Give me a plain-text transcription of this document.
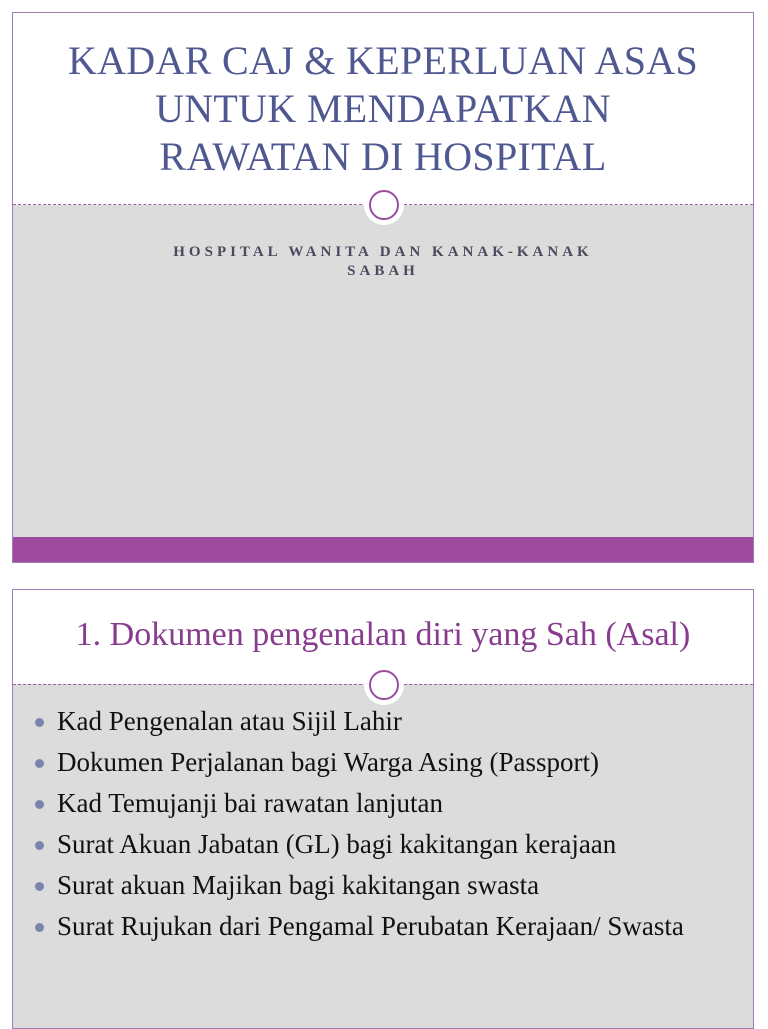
KADAR CAJ & KEPERLUAN ASAS
UNTUK MENDAPATKAN
RAWATAN DI HOSPITAL
HOSPITAL WANITA DAN KANAK-KANAK
SABAH
1. Dokumen pengenalan diri yang Sah (Asal)
Kad Pengenalan atau Sijil Lahir
Dokumen Perjalanan bagi Warga Asing (Passport)
Kad Temujanji bai rawatan lanjutan
Surat Akuan Jabatan (GL) bagi kakitangan kerajaan
Surat akuan Majikan bagi kakitangan swasta
Surat Rujukan dari Pengamal Perubatan Kerajaan/ Swasta
